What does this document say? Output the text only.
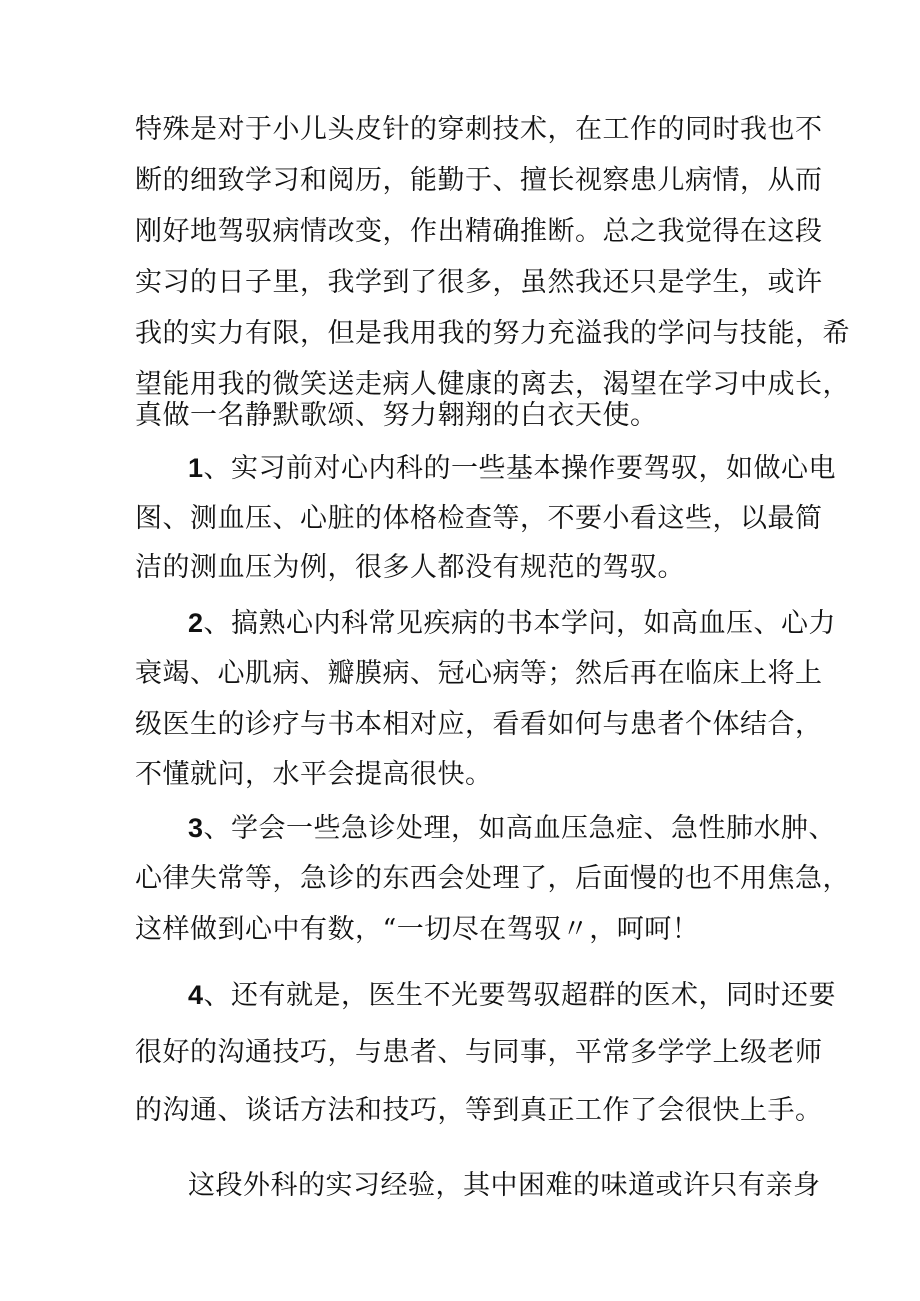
特殊是对于小儿头皮针的穿刺技术，在工作的同时我也不
断的细致学习和阅历，能勤于、擅长视察患儿病情，从而
刚好地驾驭病情改变，作出精确推断。总之我觉得在这段
实习的日子里，我学到了很多，虽然我还只是学生，或许
我的实力有限，但是我用我的努力充溢我的学问与技能，希
望能用我的微笑送走病人健康的离去，渴望在学习中成长，
真做一名静默歌颂、努力翱翔的白衣天使。
1、实习前对心内科的一些基本操作要驾驭，如做心电
图、测血压、心脏的体格检查等，不要小看这些，以最简
洁的测血压为例，很多人都没有规范的驾驭。
2、搞熟心内科常见疾病的书本学问，如高血压、心力
衰竭、心肌病、瓣膜病、冠心病等；然后再在临床上将上
级医生的诊疗与书本相对应，看看如何与患者个体结合，
不懂就问，水平会提高很快。
3、学会一些急诊处理，如高血压急症、急性肺水肿、
心律失常等，急诊的东西会处理了，后面慢的也不用焦急，
这样做到心中有数，“一切尽在驾驭〃，呵呵！
4、还有就是，医生不光要驾驭超群的医术，同时还要
很好的沟通技巧，与患者、与同事，平常多学学上级老师
的沟通、谈话方法和技巧，等到真正工作了会很快上手。
这段外科的实习经验，其中困难的味道或许只有亲身
